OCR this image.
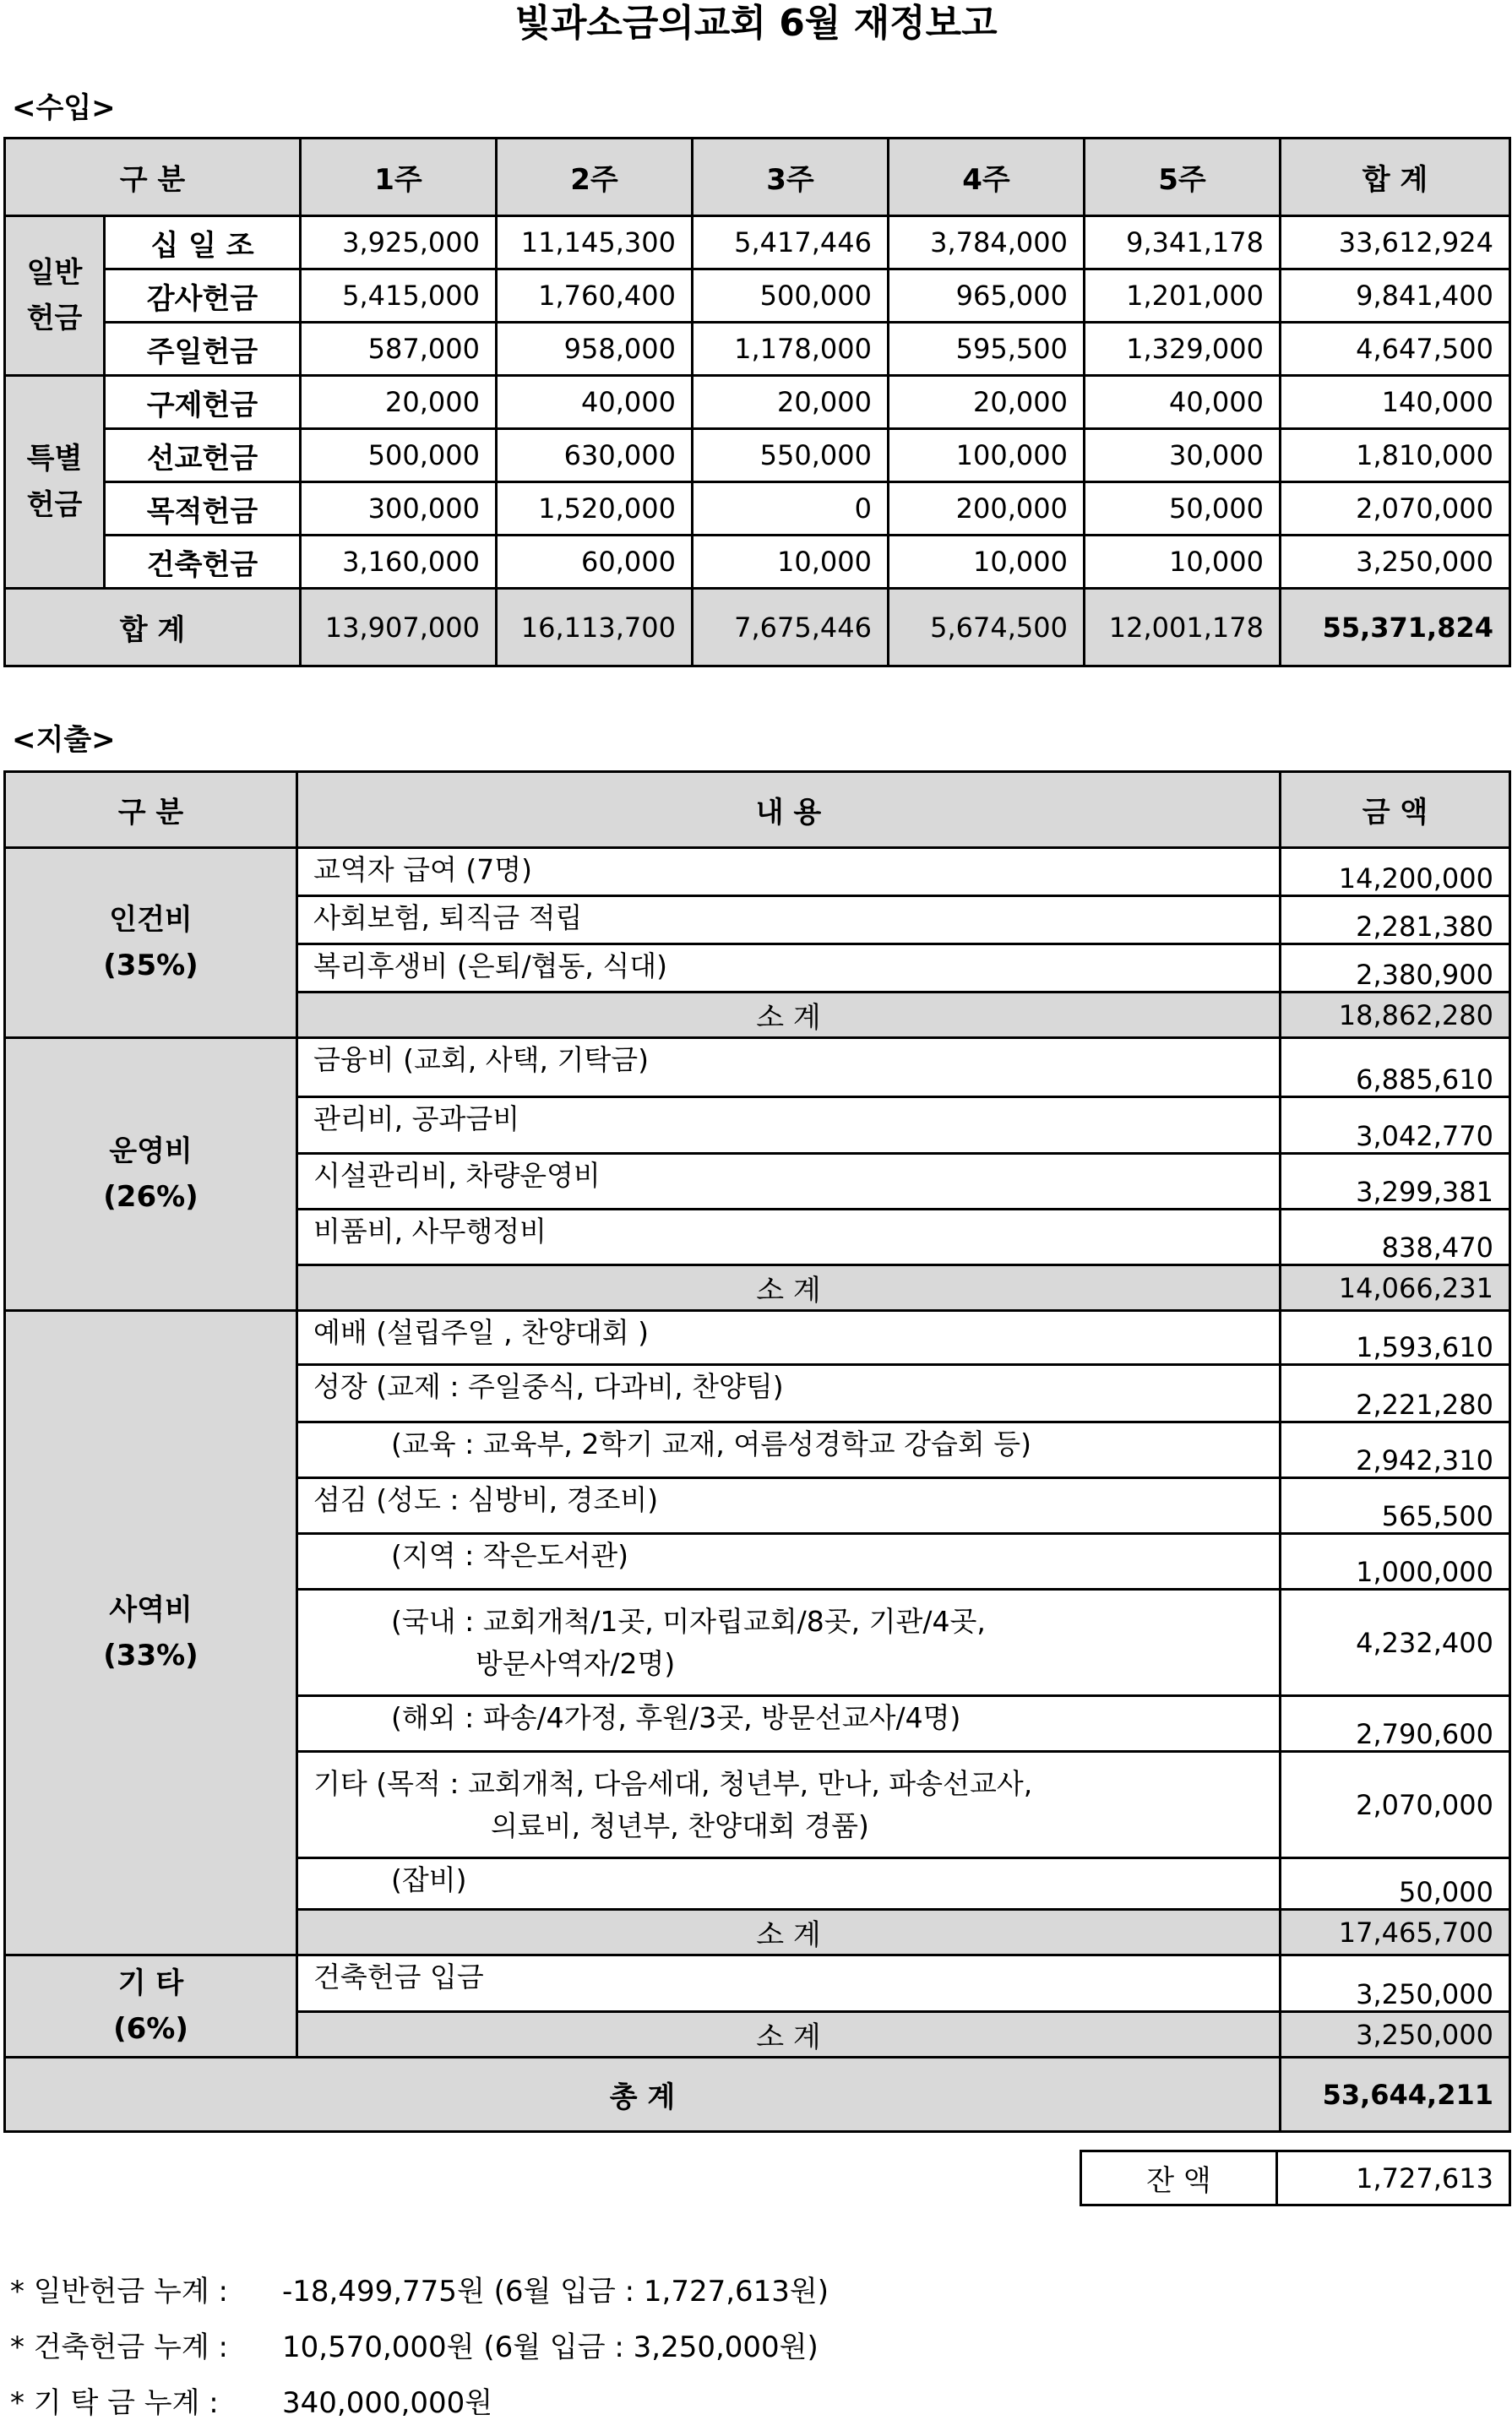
빛과소금의교회 6월 재정보고
<수입>
구 분		1주	2주	3주	4주	5주	합 계
일반
헌금	십 일 조	3,925,000	11,145,300	5,417,446	3,784,000	9,341,178	33,612,924
	감사헌금	5,415,000	1,760,400	500,000	965,000	1,201,000	9,841,400
	주일헌금	587,000	958,000	1,178,000	595,500	1,329,000	4,647,500
특별
헌금	구제헌금	20,000	40,000	20,000	20,000	40,000	140,000
	선교헌금	500,000	630,000	550,000	100,000	30,000	1,810,000
	목적헌금	300,000	1,520,000	0	200,000	50,000	2,070,000
	건축헌금	3,160,000	60,000	10,000	10,000	10,000	3,250,000
합 계		13,907,000	16,113,700	7,675,446	5,674,500	12,001,178	55,371,824
<지출>
구 분	내 용	금 액
인건비
(35%)	교역자 급여 (7명)	14,200,000
	사회보험, 퇴직금 적립	2,281,380
	복리후생비 (은퇴/협동, 식대)	2,380,900
	소 계	18,862,280
운영비
(26%)	금융비 (교회, 사택, 기탁금)	6,885,610
	관리비, 공과금비	3,042,770
	시설관리비, 차량운영비	3,299,381
	비품비, 사무행정비	838,470
	소 계	14,066,231
사역비
(33%)	예배 (설립주일 , 찬양대회 )	1,593,610
	성장 (교제 : 주일중식, 다과비, 찬양팀)	2,221,280
	(교육 : 교육부, 2학기 교재, 여름성경학교 강습회 등)	2,942,310
	섬김 (성도 : 심방비, 경조비)	565,500
	(지역 : 작은도서관)	1,000,000
	(국내 : 교회개척/1곳, 미자립교회/8곳, 기관/4곳,
방문사역자/2명)	4,232,400
	(해외 : 파송/4가정, 후원/3곳, 방문선교사/4명)	2,790,600
	기타 (목적 : 교회개척, 다음세대, 청년부, 만나, 파송선교사,
의료비, 청년부, 찬양대회 경품)	2,070,000
	(잡비)	50,000
	소 계	17,465,700
기 타
(6%)	건축헌금 입금	3,250,000
	소 계	3,250,000
총 계		53,644,211
잔 액	1,727,613
* 일반헌금 누계 : -18,499,775원 (6월 입금 : 1,727,613원)
* 건축헌금 누계 : 10,570,000원 (6월 입금 : 3,250,000원)
* 기 탁 금 누계 : 340,000,000원
